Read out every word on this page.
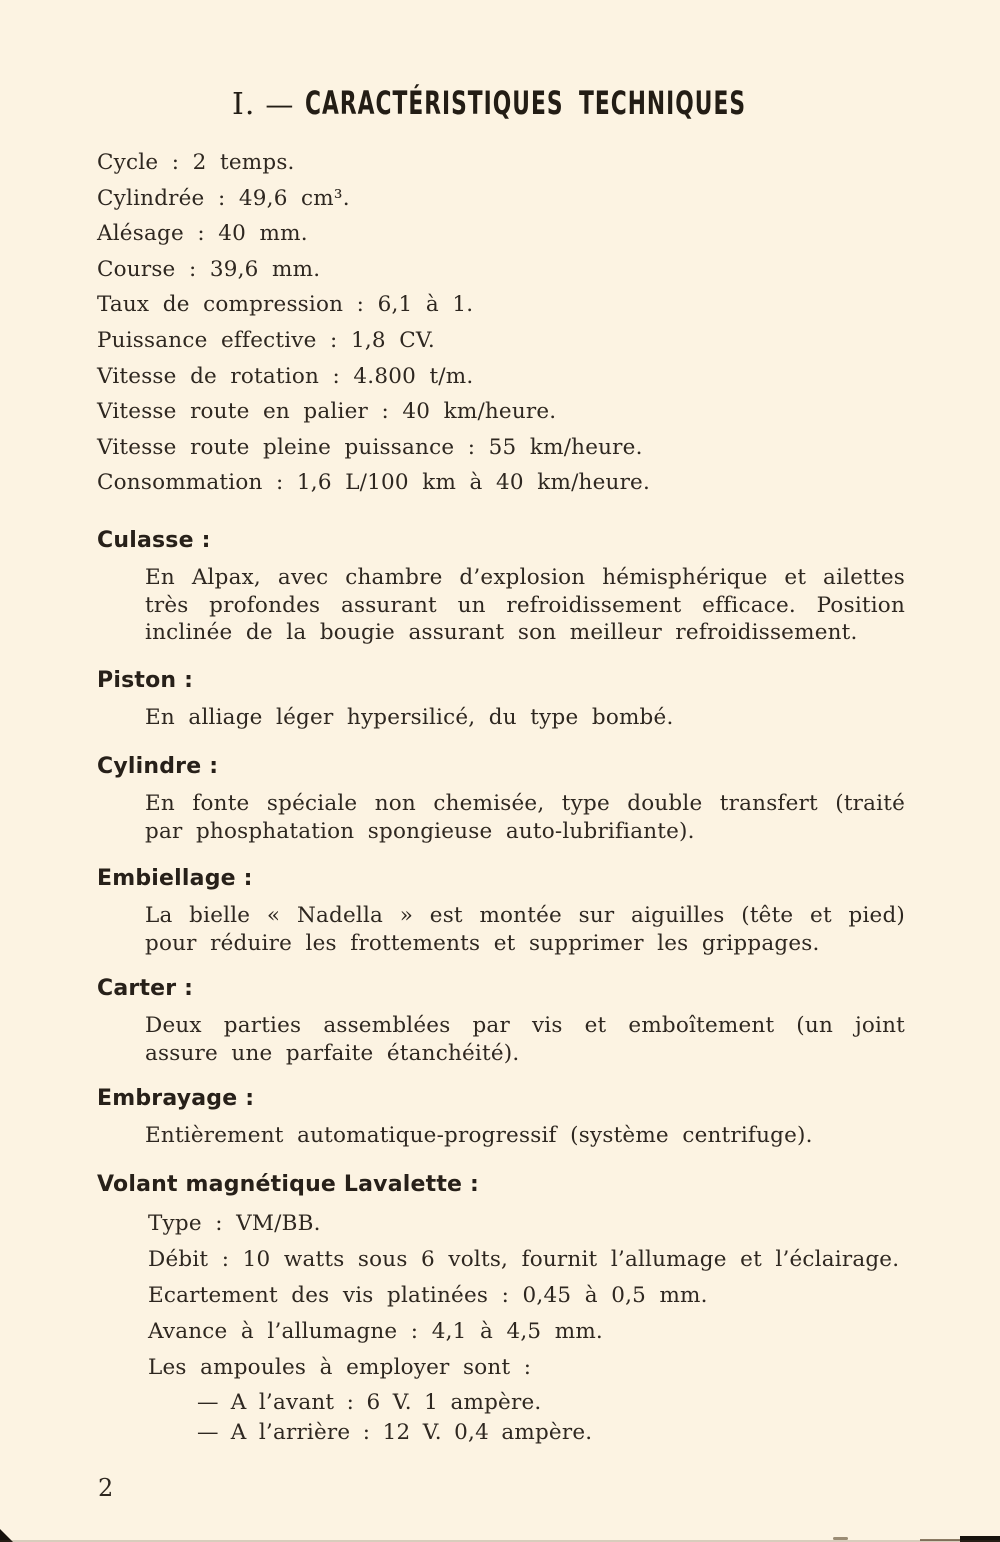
I. — CARACTÉRISTIQUES TECHNIQUES
Cycle : 2 temps.
Cylindrée : 49,6 cm³.
Alésage : 40 mm.
Course : 39,6 mm.
Taux de compression : 6,1 à 1.
Puissance effective : 1,8 CV.
Vitesse de rotation : 4.800 t/m.
Vitesse route en palier : 40 km/heure.
Vitesse route pleine puissance : 55 km/heure.
Consommation : 1,6 L/100 km à 40 km/heure.
Culasse :

En Alpax, avec chambre d’explosion hémisphérique et ailettes très profondes assurant un refroidissement efficace. Position inclinée de la bougie assurant son meilleur refroidissement.

Piston :

En alliage léger hypersilicé, du type bombé.

Cylindre :

En fonte spéciale non chemisée, type double transfert (traité par phosphatation spongieuse auto-lubrifiante).

Embiellage :

La bielle « Nadella » est montée sur aiguilles (tête et pied) pour réduire les frottements et supprimer les grippages.

Carter :

Deux parties assemblées par vis et emboîtement (un joint assure une parfaite étanchéité).

Embrayage :

Entièrement automatique-progressif (système centrifuge).

Volant magnétique Lavalette :
Type : VM/BB.
Débit : 10 watts sous 6 volts, fournit l’allumage et l’éclairage.
Ecartement des vis platinées : 0,45 à 0,5 mm.
Avance à l’allumagne : 4,1 à 4,5 mm.
Les ampoules à employer sont :
— A l’avant : 6 V. 1 ampère.
— A l’arrière : 12 V. 0,4 ampère.
2
